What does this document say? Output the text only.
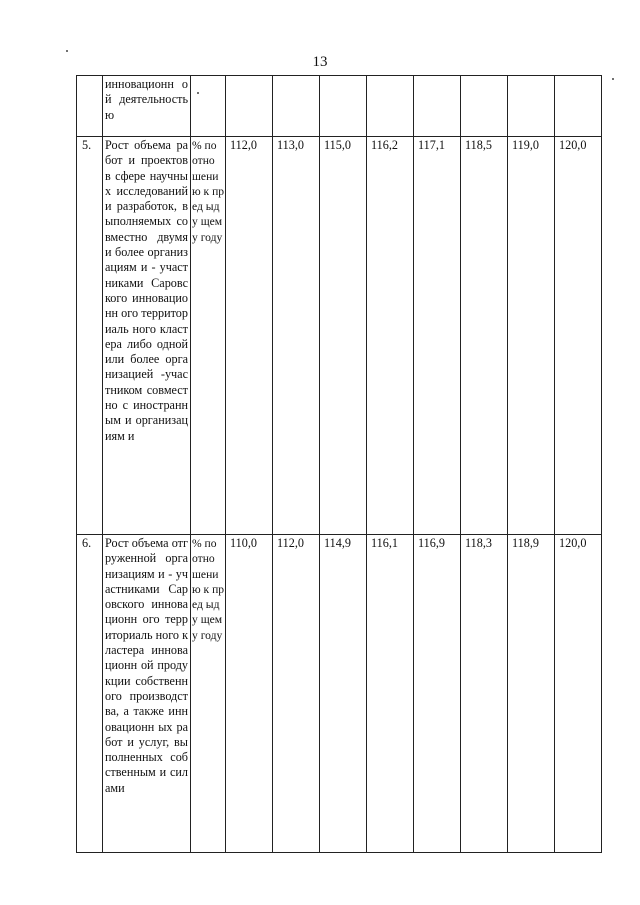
13
	инновационн ой деятельность ю									
5.	Рост объема работ и проектов в сфере научных исследований и разработок, выполняемых совместно двумя и более организациям и - участниками Саровского инновационн ого территориаль ного кластера либо одной или более организацией -участником совместно с иностранным и организациям и	% по отно шени ю к пред ыду щему году	112,0	113,0	115,0	116,2	117,1	118,5	119,0	120,0
6.	Рост объема отгруженной организациям и - участниками Саровского инновационн ого территориаль ного кластера инновационн ой продукции собственного производства, а также инновационн ых работ и услуг, выполненных собственным и силами	% по отно шени ю к пред ыду щему году	110,0	112,0	114,9	116,1	116,9	118,3	118,9	120,0
